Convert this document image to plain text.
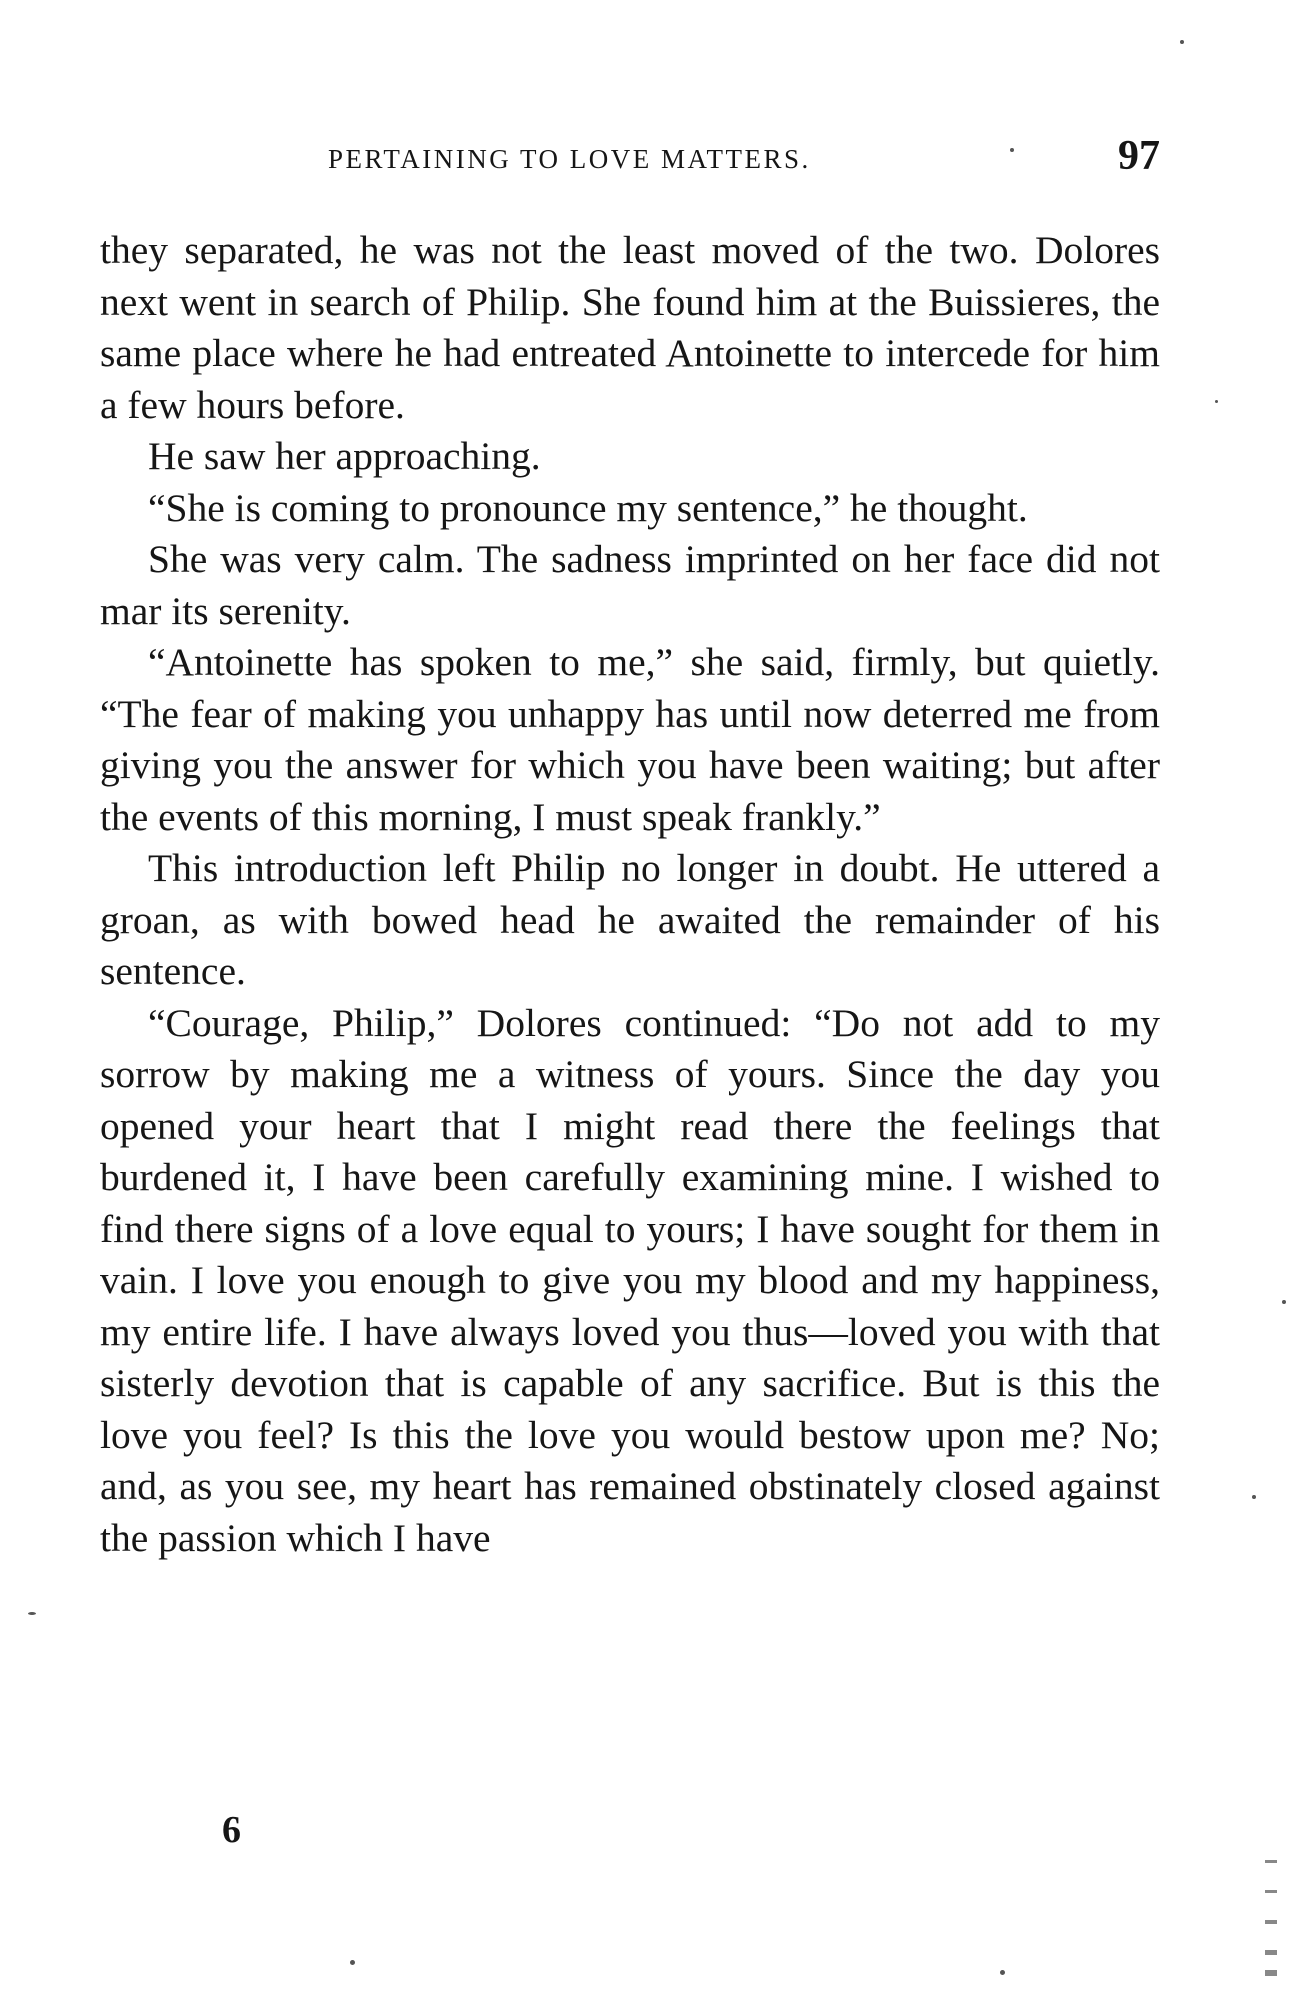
PERTAINING TO LOVE MATTERS.	97

they separated, he was not the least moved of the two. Dolores next went in search of Philip. She found him at the Buissieres, the same place where he had entreated Antoinette to intercede for him a few hours before.

He saw her approaching.

“She is coming to pronounce my sentence,” he thought.

She was very calm. The sadness imprinted on her face did not mar its serenity.

“Antoinette has spoken to me,” she said, firmly, but quietly. “The fear of making you unhappy has until now deterred me from giving you the answer for which you have been waiting; but after the events of this morning, I must speak frankly.”

This introduction left Philip no longer in doubt. He uttered a groan, as with bowed head he awaited the remainder of his sentence.

“Courage, Philip,” Dolores continued: “Do not add to my sorrow by making me a witness of yours. Since the day you opened your heart that I might read there the feelings that burdened it, I have been carefully examining mine. I wished to find there signs of a love equal to yours; I have sought for them in vain. I love you enough to give you my blood and my happiness, my entire life. I have always loved you thus—loved you with that sisterly devotion that is capable of any sacrifice. But is this the love you feel? Is this the love you would bestow upon me? No; and, as you see, my heart has remained obstinately closed against the passion which I have

6
